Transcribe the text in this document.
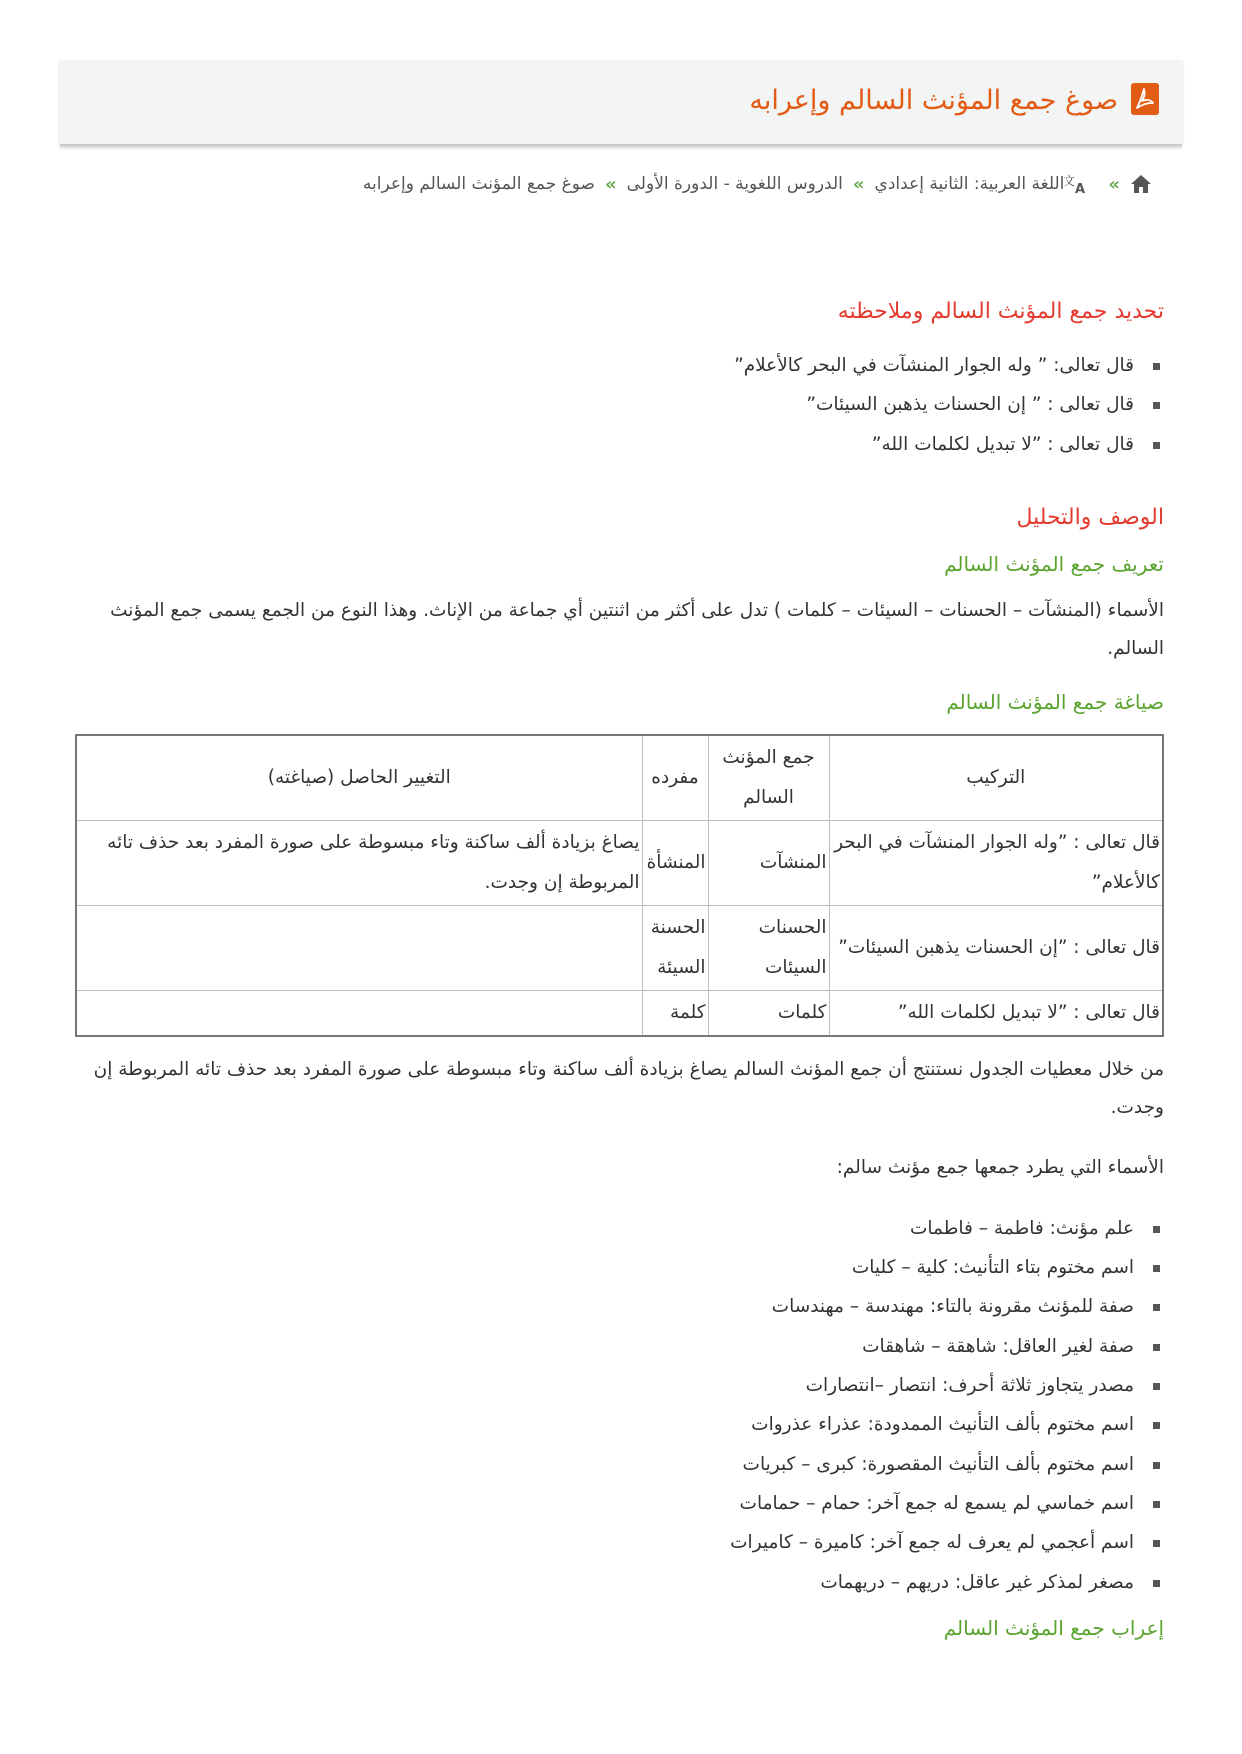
صوغ جمع المؤنث السالم وإعرابه
»
文
A
اللغة العربية: الثانية إعدادي
»
الدروس اللغوية - الدورة الأولى
»
صوغ جمع المؤنث السالم وإعرابه
تحديد جمع المؤنث السالم وملاحظته
قال تعالى: ” وله الجوار المنشآت في البحر كالأعلام”
قال تعالى : ” إن الحسنات يذهبن السيئات”
قال تعالى : ”لا تبديل لكلمات الله”
الوصف والتحليل
تعريف جمع المؤنث السالم

الأسماء (المنشآت – الحسنات – السيئات – كلمات ) تدل على أكثر من اثنتين أي جماعة من الإناث. وهذا النوع من الجمع يسمى جمع المؤنث السالم.

صياغة جمع المؤنث السالم
التركيب	جمع المؤنث السالم	مفرده	التغيير الحاصل (صياغته)
قال تعالى : ”وله الجوار المنشآت في البحر كالأعلام”	المنشآت	المنشأة	يصاغ بزيادة ألف ساكنة وتاء مبسوطة على صورة المفرد بعد حذف تائه المربوطة إن وجدت.
قال تعالى : ”إن الحسنات يذهبن السيئات”	الحسنات السيئات	الحسنة السيئة	
قال تعالى : ”لا تبديل لكلمات الله”	كلمات	كلمة	

من خلال معطيات الجدول نستنتج أن جمع المؤنث السالم يصاغ بزيادة ألف ساكنة وتاء مبسوطة على صورة المفرد بعد حذف تائه المربوطة إن وجدت.

الأسماء التي يطرد جمعها جمع مؤنث سالم:

علم مؤنث: فاطمة – فاطمات
اسم مختوم بتاء التأنيث: كلية – كليات
صفة للمؤنث مقرونة بالتاء: مهندسة – مهندسات
صفة لغير العاقل: شاهقة – شاهقات
مصدر يتجاوز ثلاثة أحرف: انتصار –انتصارات
اسم مختوم بألف التأنيث الممدودة: عذراء عذروات
اسم مختوم بألف التأنيث المقصورة: كبرى – كبريات
اسم خماسي لم يسمع له جمع آخر: حمام – حمامات
اسم أعجمي لم يعرف له جمع آخر: كاميرة – كاميرات
مصغر لمذكر غير عاقل: دريهم – دريهمات
إعراب جمع المؤنث السالم
